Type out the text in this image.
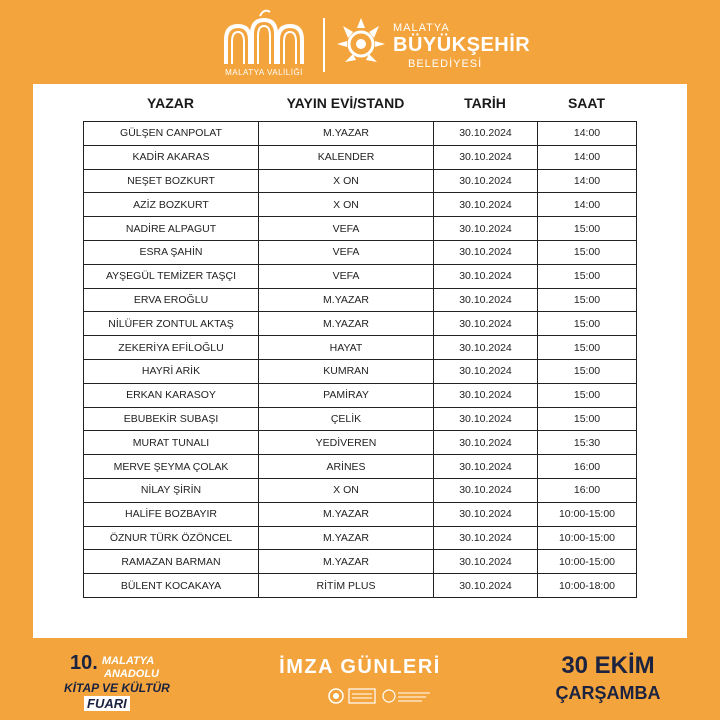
MALATYA VALİLİĞİ
MALATYA
BÜYÜKŞEHİR
BELEDİYESİ
YAZAR	YAYIN EVİ/STAND	TARİH	SAAT
GÜLŞEN CANPOLAT	M.YAZAR	30.10.2024	14:00
KADİR AKARAS	KALENDER	30.10.2024	14:00
NEŞET BOZKURT	X ON	30.10.2024	14:00
AZİZ BOZKURT	X ON	30.10.2024	14:00
NADİRE ALPAGUT	VEFA	30.10.2024	15:00
ESRA ŞAHİN	VEFA	30.10.2024	15:00
AYŞEGÜL TEMİZER TAŞÇI	VEFA	30.10.2024	15:00
ERVA EROĞLU	M.YAZAR	30.10.2024	15:00
NİLÜFER ZONTUL AKTAŞ	M.YAZAR	30.10.2024	15:00
ZEKERİYA EFİLOĞLU	HAYAT	30.10.2024	15:00
HAYRİ ARİK	KUMRAN	30.10.2024	15:00
ERKAN KARASOY	PAMİRAY	30.10.2024	15:00
EBUBEKİR SUBAŞI	ÇELİK	30.10.2024	15:00
MURAT TUNALI	YEDİVEREN	30.10.2024	15:30
MERVE ŞEYMA ÇOLAK	ARİNES	30.10.2024	16:00
NİLAY ŞİRİN	X ON	30.10.2024	16:00
HALİFE BOZBAYIR	M.YAZAR	30.10.2024	10:00-15:00
ÖZNUR TÜRK ÖZÖNCEL	M.YAZAR	30.10.2024	10:00-15:00
RAMAZAN BARMAN	M.YAZAR	30.10.2024	10:00-15:00
BÜLENT KOCAKAYA	RİTİM PLUS	30.10.2024	10:00-18:00
10. MALATYA
ANADOLU
KİTAP VE KÜLTÜR
FUARI
İMZA GÜNLERİ	30 EKİM
ÇARŞAMBA
